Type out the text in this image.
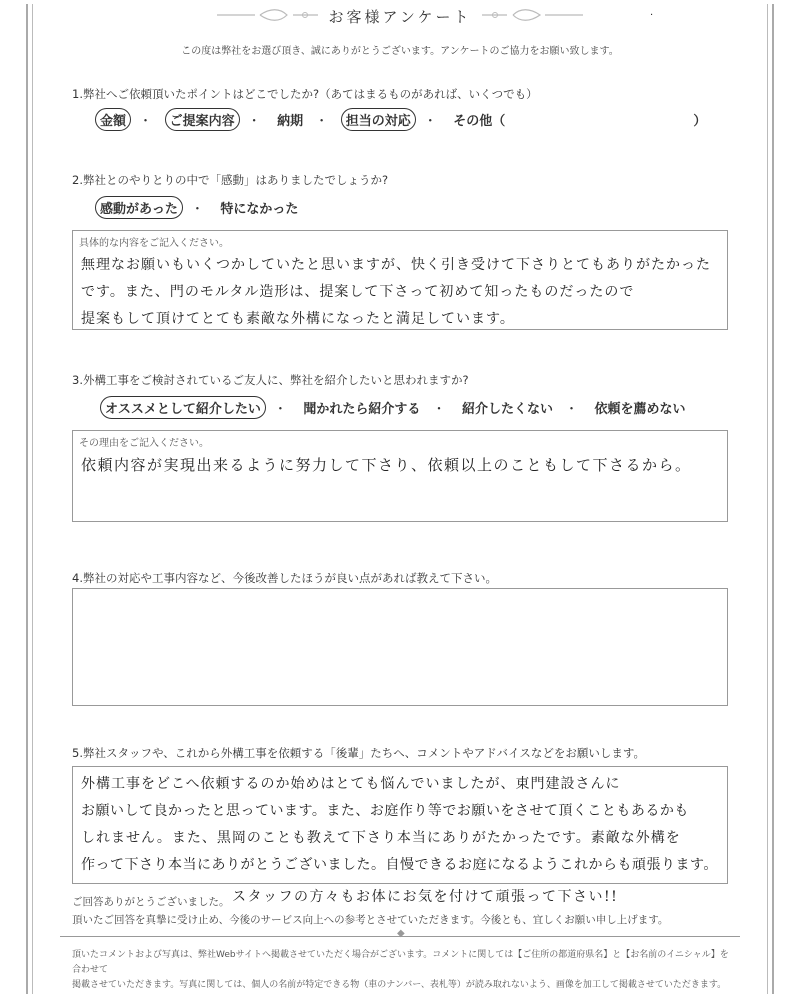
お客様アンケート	·
この度は弊社をお選び頂き、誠にありがとうございます。アンケートのご協力をお願い致します。
1.弊社へご依頼頂いたポイントはどこでしたか?（あてはまるものがあれば、いくつでも）
金額 ・ ご提案内容 ・ 納期 ・ 担当の対応 ・ その他（	）
2.弊社とのやりとりの中で「感動」はありましたでしょうか?
感動があった ・ 特になかった
具体的な内容をご記入ください。
無理なお願いもいくつかしていたと思いますが、快く引き受けて下さりとてもありがたかった
です。また、門のモルタル造形は、提案して下さって初めて知ったものだったので
提案もして頂けてとても素敵な外構になったと満足しています。
3.外構工事をご検討されているご友人に、弊社を紹介したいと思われますか?
オススメとして紹介したい ・ 聞かれたら紹介する ・ 紹介したくない ・ 依頼を薦めない
その理由をご記入ください。
依頼内容が実現出来るように努力して下さり、依頼以上のこともして下さるから。
4.弊社の対応や工事内容など、今後改善したほうが良い点があれば教えて下さい。
5.弊社スタッフや、これから外構工事を依頼する「後輩」たちへ、コメントやアドバイスなどをお願いします。
外構工事をどこへ依頼するのか始めはとても悩んでいましたが、東門建設さんに
お願いして良かったと思っています。また、お庭作り等でお願いをさせて頂くこともあるかも
しれません。また、黒岡のことも教えて下さり本当にありがたかったです。素敵な外構を
作って下さり本当にありがとうございました。自慢できるお庭になるようこれからも頑張ります。
ご回答ありがとうございました。 スタッフの方々もお体にお気を付けて頑張って下さい!!
頂いたご回答を真摯に受け止め、今後のサービス向上への参考とさせていただきます。今後とも、宜しくお願い申し上げます。
◆
頂いたコメントおよび写真は、弊社Webサイトへ掲載させていただく場合がございます。コメントに関しては【ご住所の都道府県名】と【お名前のイニシャル】を合わせて
掲載させていただきます。写真に関しては、個人の名前が特定できる物（車のナンバー、表札等）が読み取れないよう、画像を加工して掲載させていただきます。
